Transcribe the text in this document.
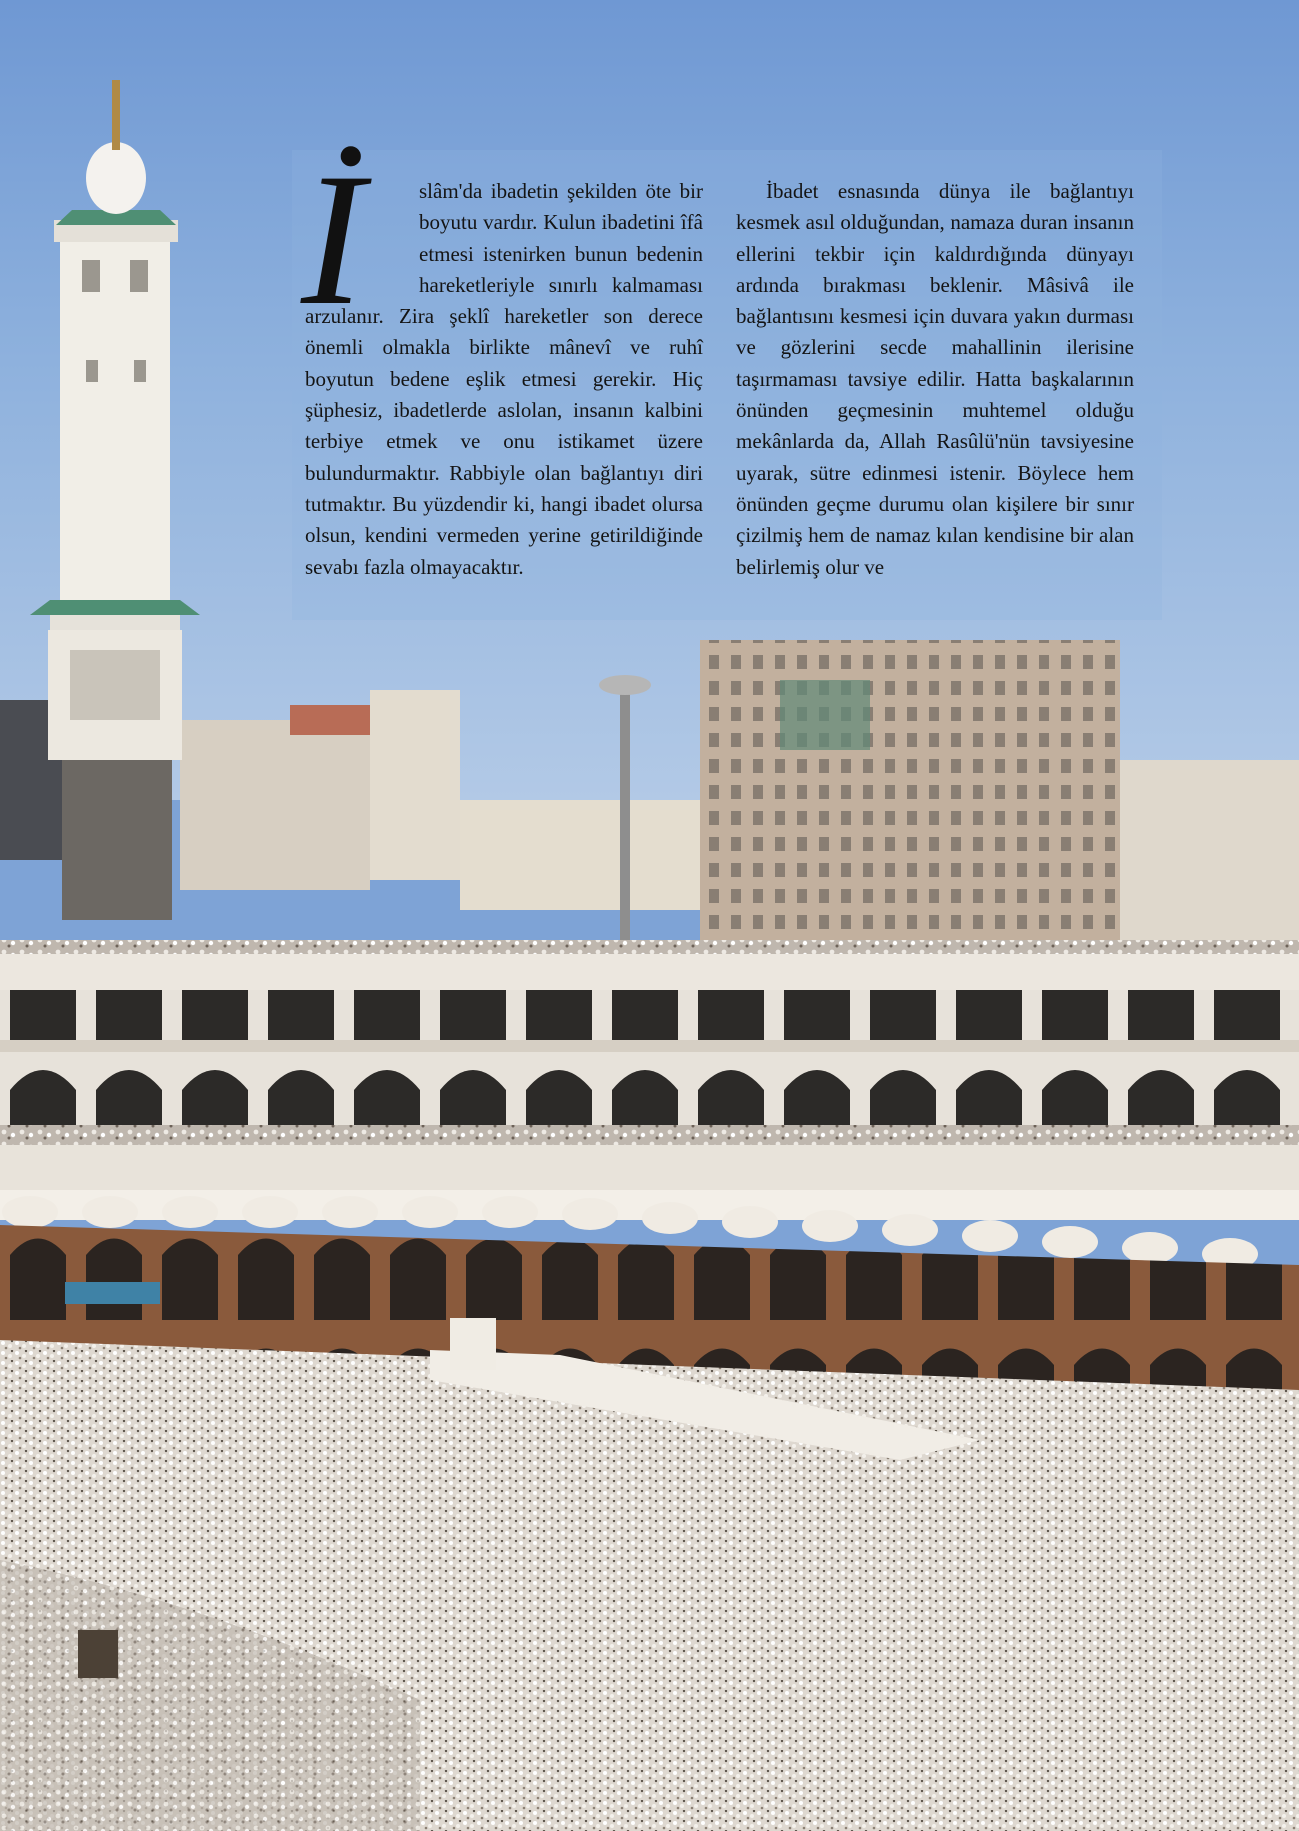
İ	slâm'da ibadetin şekilden öte bir boyutu vardır. Kulun ibadetini îfâ etmesi istenirken bunun bedenin hareketleriyle sınırlı kalmaması arzulanır. Zira şeklî hareketler son derece önemli olmakla birlikte mânevî ve ruhî boyutun bedene eşlik etmesi gerekir. Hiç şüphesiz, ibadetlerde aslolan, insanın kalbini terbiye etmek ve onu istikamet üzere bulundurmaktır. Rabbiyle olan bağlantıyı diri tutmaktır. Bu yüzdendir ki, hangi ibadet olursa olsun, kendini vermeden yerine getirildiğinde sevabı fazla olmayacaktır.

İbadet esnasında dünya ile bağlantıyı kesmek asıl olduğundan, namaza duran insanın ellerini tekbir için kaldırdığında dünyayı ardında bırakması beklenir. Mâsivâ ile bağlantısını kesmesi için duvara yakın durması ve gözlerini secde mahallinin ilerisine taşırmaması tavsiye edilir. Hatta başkalarının önünden geçmesinin muhtemel olduğu mekânlarda da, Allah Rasûlü'nün tavsiyesine uyarak, sütre edinmesi istenir. Böylece hem önünden geçme durumu olan kişilere bir sınır çizilmiş hem de namaz kılan kendisine bir alan belirlemiş olur ve
